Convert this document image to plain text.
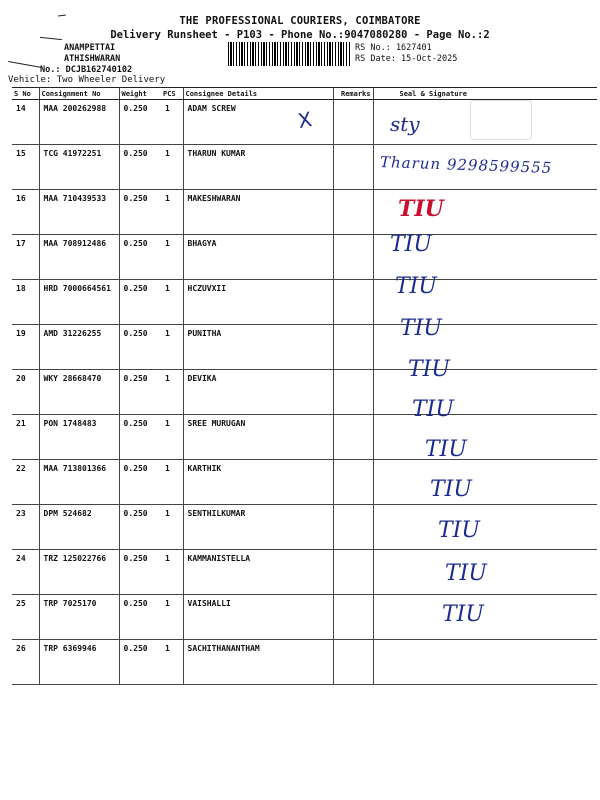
THE PROFESSIONAL COURIERS, COIMBATORE
Delivery Runsheet - P103 - Phone No.:9047080280 - Page No.:2
ANAMPETTAI
ATHISHWARAN
No.: DCJB162740102
RS No.: 1627401
RS Date: 15-Oct-2025
Vehicle: Two Wheeler Delivery
S No	Consignment No	Weight	PCS	Consignee Details	Remarks	Seal & Signature
14	MAA 200262988	0.250	1	ADAM SCREW		
15	TCG 41972251	0.250	1	THARUN KUMAR		
16	MAA 710439533	0.250	1	MAKESHWARAN		
17	MAA 708912486	0.250	1	BHAGYA		
18	HRD 7000664561	0.250	1	HCZUVXII		
19	AMD 31226255	0.250	1	PUNITHA		
20	WKY 28668470	0.250	1	DEVIKA		
21	PON 1748483	0.250	1	SREE MURUGAN		
22	MAA 713801366	0.250	1	KARTHIK		
23	DPM 524682	0.250	1	SENTHILKUMAR		
24	TRZ 125022766	0.250	1	KAMMANISTELLA		
25	TRP 7025170	0.250	1	VAISHALLI		
26	TRP 6369946	0.250	1	SACHITHANANTHAM		
X	sty
Tharun 9298599555
TIU
TIU
TIU
TIU
TIU
TIU
TIU
TIU
TIU
TIU
TIU
